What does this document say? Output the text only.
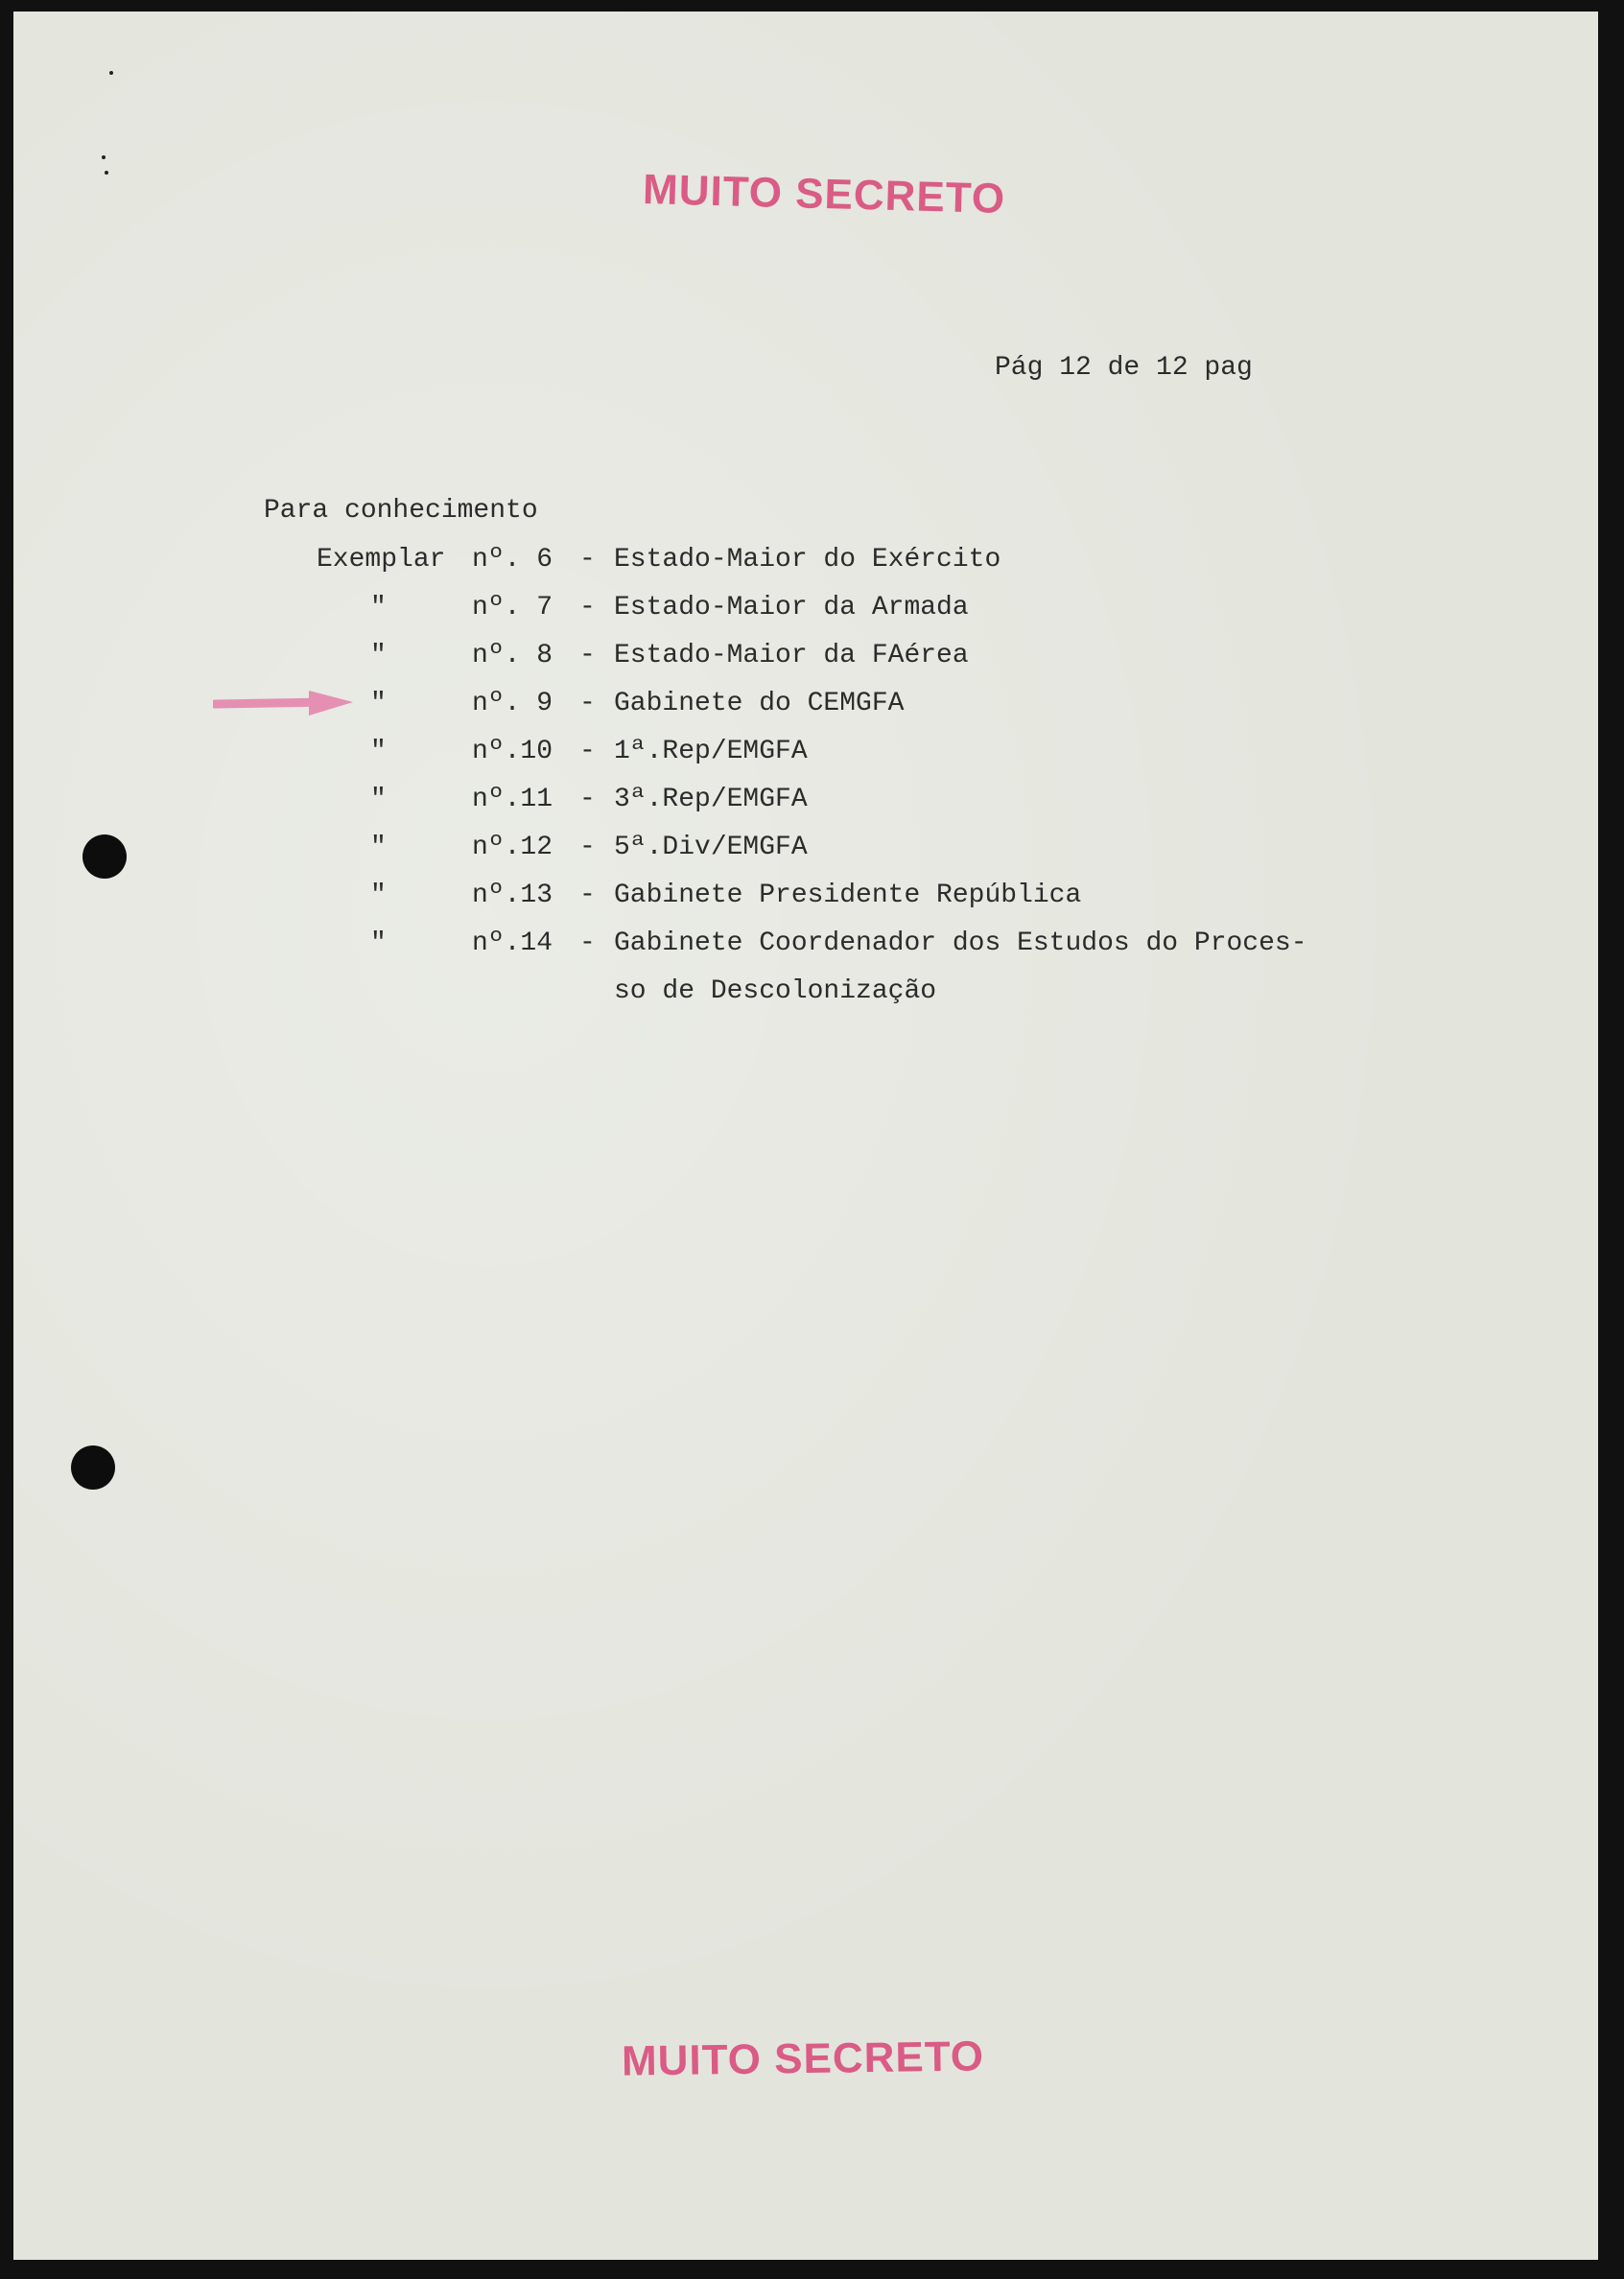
MUITO SECRETO
Pág 12 de 12 pag
Para conhecimento
Exemplar nº. 6 - Estado-Maior do Exército
"	nº. 7 - Estado-Maior da Armada
"	nº. 8 - Estado-Maior da FAérea
"	nº. 9 - Gabinete do CEMGFA
"	nº.10 - 1ª.Rep/EMGFA
"	nº.11 - 3ª.Rep/EMGFA
"	nº.12 - 5ª.Div/EMGFA
"	nº.13 - Gabinete Presidente República
"	nº.14 - Gabinete Coordenador dos Estudos do Proces-
so de Descolonização
MUITO SECRETO
